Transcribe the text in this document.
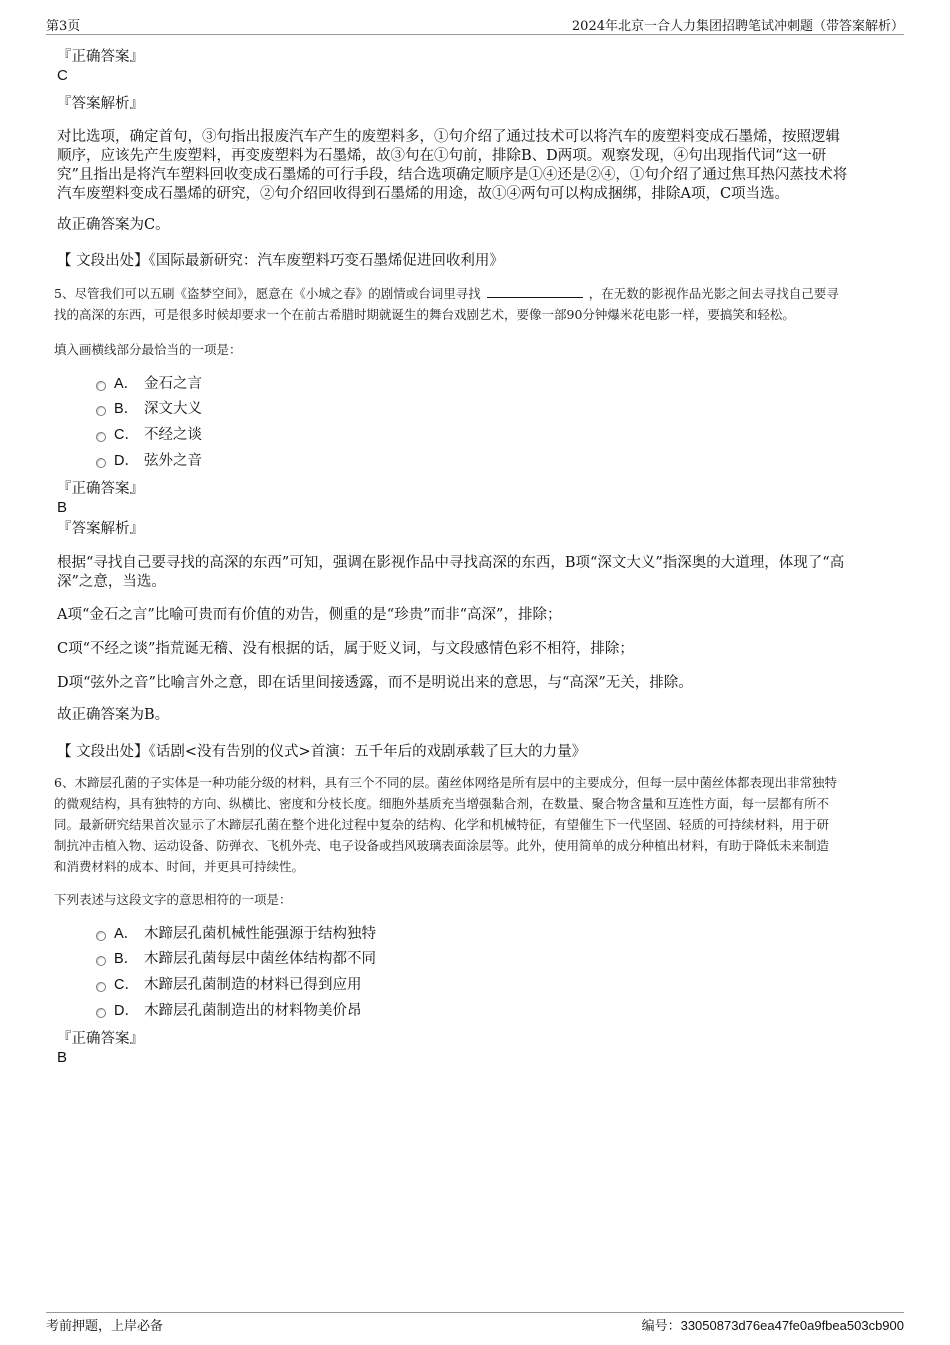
第3页	2024年北京一合人力集团招聘笔试冲刺题（带答案解析）
『正确答案』
C
『答案解析』
对比选项，确定首句，③句指出报废汽车产生的废塑料多，①句介绍了通过技术可以将汽车的废塑料变成石墨烯，按照逻辑
顺序，应该先产生废塑料，再变废塑料为石墨烯，故③句在①句前，排除B、D两项。观察发现，④句出现指代词“这一研
究”且指出是将汽车塑料回收变成石墨烯的可行手段，结合选项确定顺序是①④还是②④，①句介绍了通过焦耳热闪蒸技术将
汽车废塑料变成石墨烯的研究，②句介绍回收得到石墨烯的用途，故①④两句可以构成捆绑，排除A项，C项当选。
故正确答案为C。
【 文段出处】《国际最新研究：汽车废塑料巧变石墨烯促进回收利用》
5、尽管我们可以五刷《盗梦空间》，愿意在《小城之春》的剧情或台词里寻找	，在无数的影视作品光影之间去寻找自己要寻
找的高深的东西，可是很多时候却要求一个在前古希腊时期就诞生的舞台戏剧艺术，要像一部90分钟爆米花电影一样，要搞笑和轻松。
填入画横线部分最恰当的一项是：
A． 金石之言
B． 深文大义
C． 不经之谈
D． 弦外之音
『正确答案』
B
『答案解析』
根据“寻找自己要寻找的高深的东西”可知，强调在影视作品中寻找高深的东西，B项“深文大义”指深奥的大道理，体现了“高
深”之意，当选。
A项“金石之言”比喻可贵而有价值的劝告，侧重的是“珍贵”而非“高深”，排除；
C项“不经之谈”指荒诞无稽、没有根据的话，属于贬义词，与文段感情色彩不相符，排除；
D项“弦外之音”比喻言外之意，即在话里间接透露，而不是明说出来的意思，与“高深”无关，排除。
故正确答案为B。
【 文段出处】《话剧<没有告别的仪式>首演：五千年后的戏剧承载了巨大的力量》
6、木蹄层孔菌的子实体是一种功能分级的材料，具有三个不同的层。菌丝体网络是所有层中的主要成分，但每一层中菌丝体都表现出非常独特
的微观结构，具有独特的方向、纵横比、密度和分枝长度。细胞外基质充当增强黏合剂，在数量、聚合物含量和互连性方面，每一层都有所不
同。最新研究结果首次显示了木蹄层孔菌在整个进化过程中复杂的结构、化学和机械特征，有望催生下一代坚固、轻质的可持续材料，用于研
制抗冲击植入物、运动设备、防弹衣、飞机外壳、电子设备或挡风玻璃表面涂层等。此外，使用简单的成分种植出材料，有助于降低未来制造
和消费材料的成本、时间，并更具可持续性。
下列表述与这段文字的意思相符的一项是：
A． 木蹄层孔菌机械性能强源于结构独特
B． 木蹄层孔菌每层中菌丝体结构都不同
C． 木蹄层孔菌制造的材料已得到应用
D． 木蹄层孔菌制造出的材料物美价昂
『正确答案』
B
考前押题，上岸必备	编号：33050873d76ea47fe0a9fbea503cb900
